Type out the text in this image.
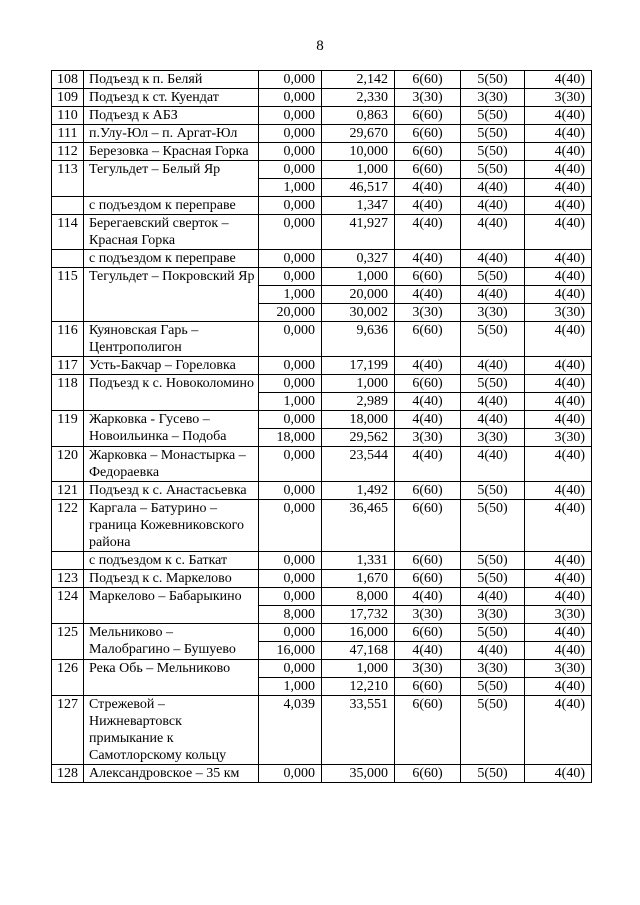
8
108	Подъезд к п. Беляй	0,000	2,142	6(60)	5(50)	4(40)
109	Подъезд к ст. Куендат	0,000	2,330	3(30)	3(30)	3(30)
110	Подъезд к АБЗ	0,000	0,863	6(60)	5(50)	4(40)
111	п.Улу-Юл – п. Аргат-Юл	0,000	29,670	6(60)	5(50)	4(40)
112	Березовка – Красная Горка	0,000	10,000	6(60)	5(50)	4(40)
113	Тегульдет – Белый Яр	0,000	1,000	6(60)	5(50)	4(40)
		1,000	46,517	4(40)	4(40)	4(40)
	с подъездом к переправе	0,000	1,347	4(40)	4(40)	4(40)
114	Берегаевский сверток – Красная Горка	0,000	41,927	4(40)	4(40)	4(40)
	с подъездом к переправе	0,000	0,327	4(40)	4(40)	4(40)
115	Тегульдет – Покровский Яр	0,000	1,000	6(60)	5(50)	4(40)
		1,000	20,000	4(40)	4(40)	4(40)
		20,000	30,002	3(30)	3(30)	3(30)
116	Куяновская Гарь – Центрополигон	0,000	9,636	6(60)	5(50)	4(40)
117	Усть-Бакчар – Гореловка	0,000	17,199	4(40)	4(40)	4(40)
118	Подъезд к с. Новоколомино	0,000	1,000	6(60)	5(50)	4(40)
		1,000	2,989	4(40)	4(40)	4(40)
119	Жарковка - Гусево – Новоильинка – Подоба	0,000	18,000	4(40)	4(40)	4(40)
		18,000	29,562	3(30)	3(30)	3(30)
120	Жарковка – Монастырка – Федораевка	0,000	23,544	4(40)	4(40)	4(40)
121	Подъезд к с. Анастасьевка	0,000	1,492	6(60)	5(50)	4(40)
122	Каргала – Батурино – граница Кожевниковского района	0,000	36,465	6(60)	5(50)	4(40)
	с подъездом к с. Баткат	0,000	1,331	6(60)	5(50)	4(40)
123	Подъезд к с. Маркелово	0,000	1,670	6(60)	5(50)	4(40)
124	Маркелово – Бабарыкино	0,000	8,000	4(40)	4(40)	4(40)
		8,000	17,732	3(30)	3(30)	3(30)
125	Мельниково – Малобрагино – Бушуево	0,000	16,000	6(60)	5(50)	4(40)
		16,000	47,168	4(40)	4(40)	4(40)
126	Река Обь – Мельниково	0,000	1,000	3(30)	3(30)	3(30)
		1,000	12,210	6(60)	5(50)	4(40)
127	Стрежевой – Нижневартовск примыкание к Самотлорскому кольцу	4,039	33,551	6(60)	5(50)	4(40)
128	Александровское – 35 км	0,000	35,000	6(60)	5(50)	4(40)
